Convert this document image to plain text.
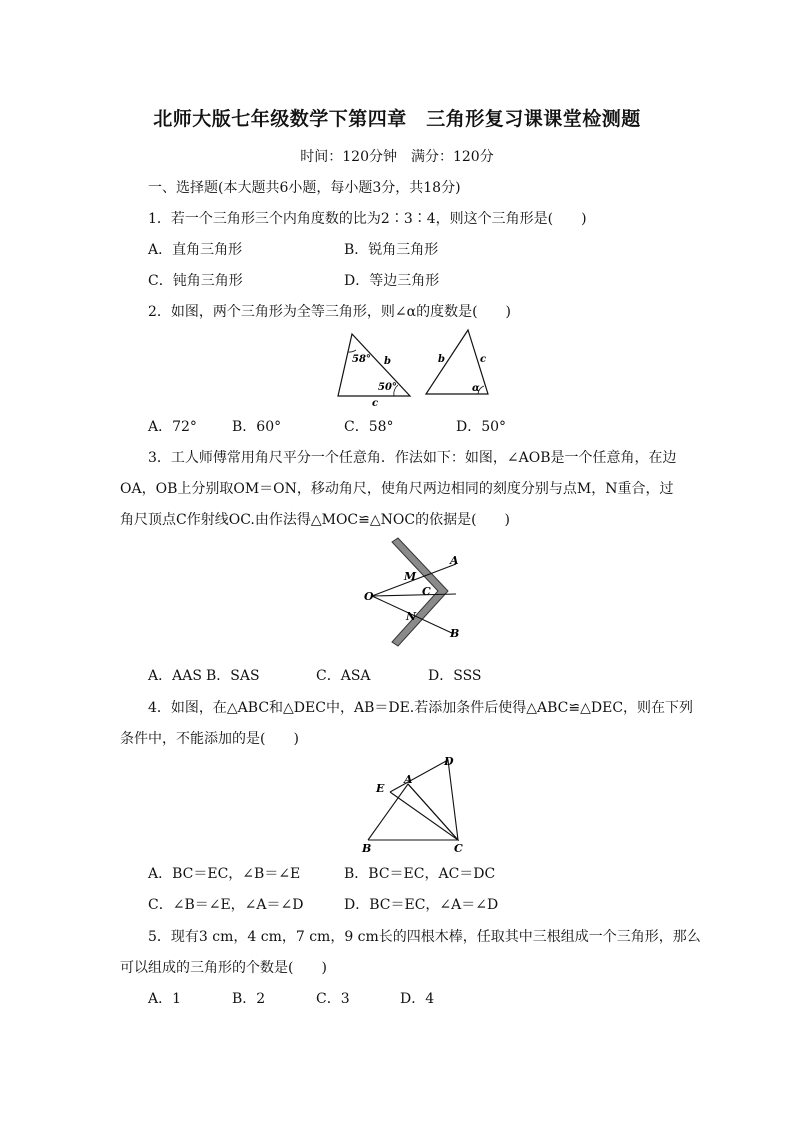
北师大版七年级数学下第四章　三角形复习课课堂检测题
时间：120分钟　满分：120分
一、选择题(本大题共6小题，每小题3分，共18分)
1．若一个三角形三个内角度数的比为2∶3∶4，则这个三角形是(　　)
A．直角三角形	B．锐角三角形
C．钝角三角形	D．等边三角形
2．如图，两个三角形为全等三角形，则∠α的度数是(　　)
58°
50°
b
c
b	c
α
A．72°	B．60°	C．58°	D．50°
3．工人师傅常用角尺平分一个任意角．作法如下：如图，∠AOB是一个任意角，在边
OA，OB上分别取OM＝ON，移动角尺，使角尺两边相同的刻度分别与点M，N重合，过
角尺顶点C作射线OC.由作法得△MOC≌△NOC的依据是(　　)
O
A
B
M
N
C
A．AAS B．SAS	C．ASA	D．SSS
4．如图，在△ABC和△DEC中，AB＝DE.若添加条件后使得△ABC≌△DEC，则在下列
条件中，不能添加的是(　　)
D
E
A
B	C
A．BC＝EC，∠B＝∠E	B．BC＝EC，AC＝DC
C．∠B＝∠E，∠A＝∠D	D．BC＝EC，∠A＝∠D
5．现有3 cm，4 cm，7 cm，9 cm长的四根木棒，任取其中三根组成一个三角形，那么
可以组成的三角形的个数是(　　)
A．1	B．2	C．3	D．4
